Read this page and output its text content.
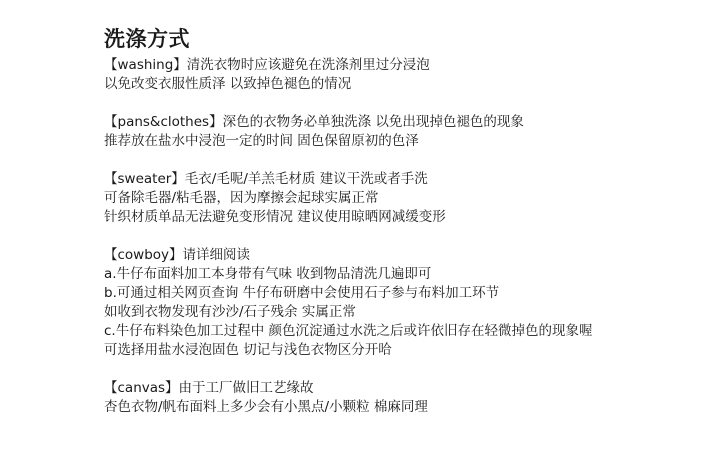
洗涤方式
【washing】清洗衣物时应该避免在洗涤剂里过分浸泡
以免改变衣服性质泽 以致掉色褪色的情况
【pans&clothes】深色的衣物务必单独洗涤 以免出现掉色褪色的现象
推荐放在盐水中浸泡一定的时间 固色保留原初的色泽
【sweater】毛衣/毛呢/羊羔毛材质 建议干洗或者手洗
可备除毛器/粘毛器，因为摩擦会起球实属正常
针织材质单品无法避免变形情况 建议使用晾晒网减缓变形
【cowboy】请详细阅读
a.牛仔布面料加工本身带有气味 收到物品清洗几遍即可
b.可通过相关网页查询 牛仔布研磨中会使用石子参与布料加工环节
如收到衣物发现有沙沙/石子残余 实属正常
c.牛仔布料染色加工过程中 颜色沉淀通过水洗之后或许依旧存在轻微掉色的现象喔
可选择用盐水浸泡固色 切记与浅色衣物区分开哈
【canvas】由于工厂做旧工艺缘故
杏色衣物/帆布面料上多少会有小黑点/小颗粒 棉麻同理
